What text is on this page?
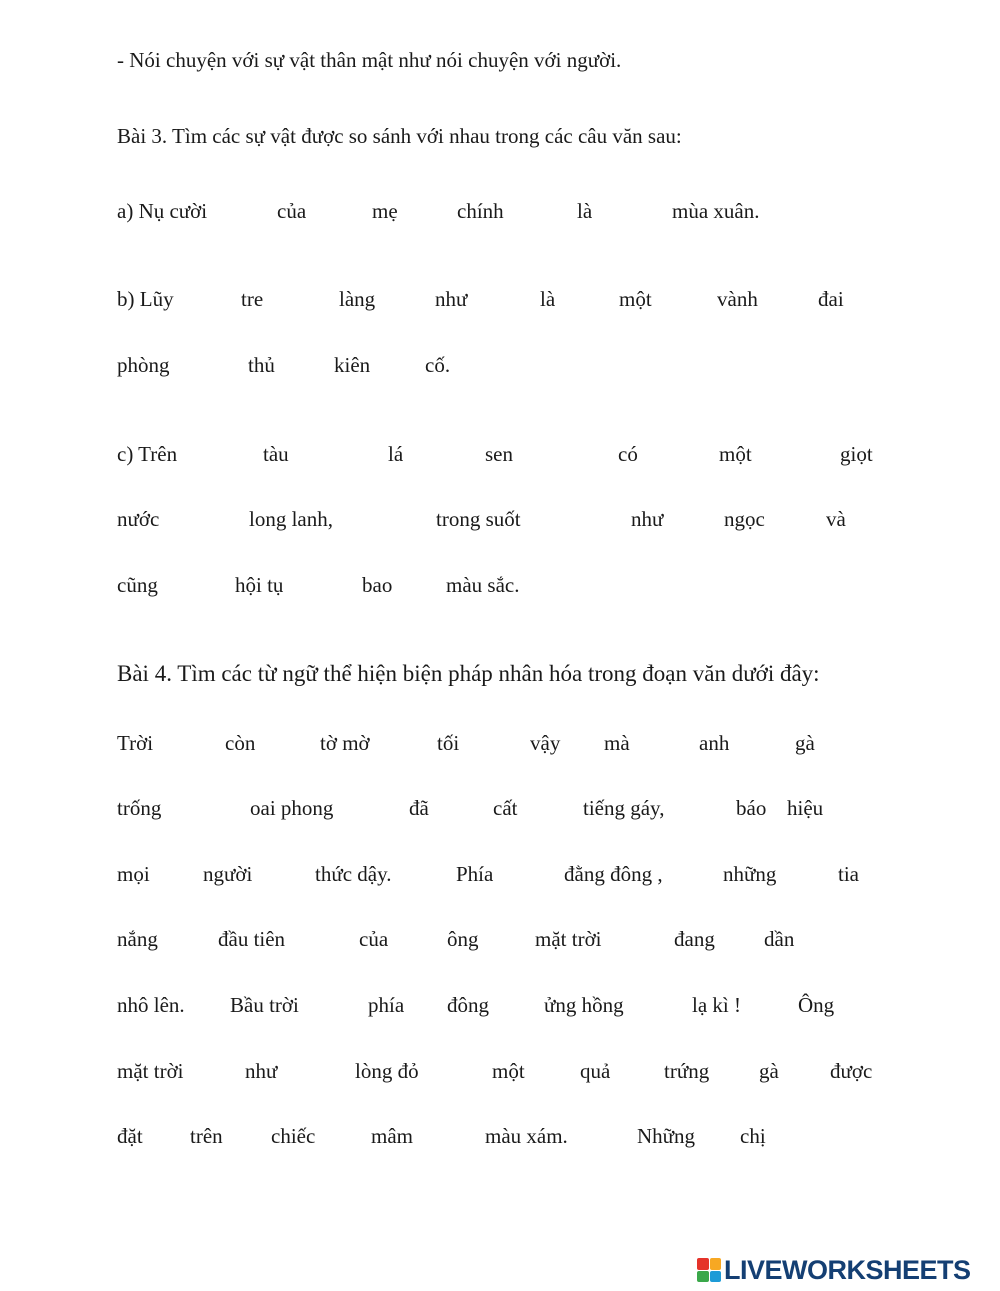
- Nói chuyện với sự vật thân mật như nói chuyện với người.
Bài 3. Tìm các sự vật được so sánh với nhau trong các câu văn sau:
a) Nụ cười	của	mẹ	chính	là	mùa xuân.
b) Lũy	tre	làng	như	là	một	vành	đai
phòng	thủ	kiên	cố.
c) Trên	tàu	lá	sen	có	một	giọt
nước	long lanh,	trong suốt	như	ngọc	và
cũng	hội tụ	bao	màu sắc.
Bài 4. Tìm các từ ngữ thể hiện biện pháp nhân hóa trong đoạn văn dưới đây:
Trời	còn	tờ mờ	tối	vậy mà	anh	gà
trống	oai phong	đã	cất	tiếng gáy,	báo hiệu
mọi	người	thức dậy.	Phía	đằng đông ,	những	tia
nắng	đầu tiên	của	ông	mặt trời	đang dần
nhô lên. Bầu trời	phía đông	ửng hồng	lạ kì !	Ông
mặt trời	như	lòng đỏ	một	quả	trứng gà được
đặt trên chiếc	mâm	màu xám.	Những chị
LIVEWORKSHEETS
